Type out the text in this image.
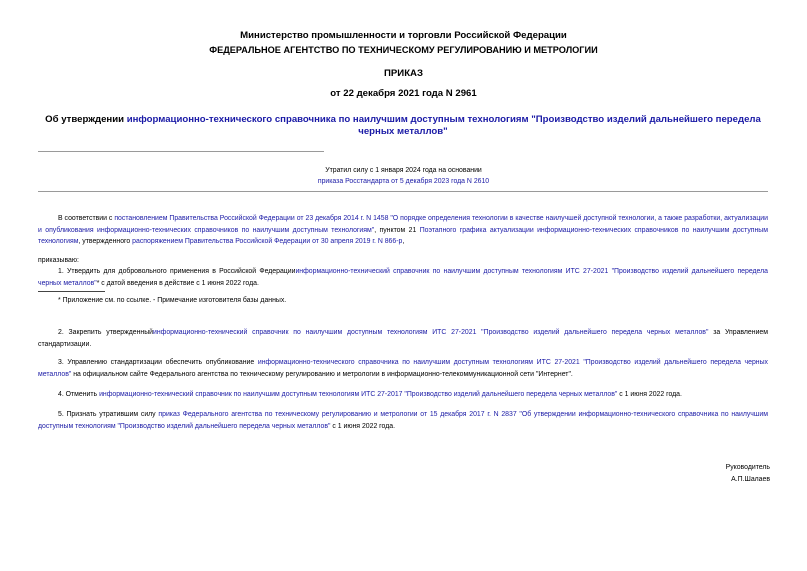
Министерство промышленности и торговли Российской Федерации
ФЕДЕРАЛЬНОЕ АГЕНТСТВО ПО ТЕХНИЧЕСКОМУ РЕГУЛИРОВАНИЮ И МЕТРОЛОГИИ
ПРИКАЗ
от 22 декабря 2021 года N 2961
Об утверждении информационно-технического справочника по наилучшим доступным технологиям "Производство изделий дальнейшего передела черных металлов"
Утратил силу с 1 января 2024 года на основании
приказа Росстандарта от 5 декабря 2023 года N 2610
В соответствии с постановлением Правительства Российской Федерации от 23 декабря 2014 г. N 1458 "О порядке определения технологии в качестве наилучшей доступной технологии, а также разработки, актуализации и опубликования информационно-технических справочников по наилучшим доступным технологиям", пунктом 21 Поэтапного графика актуализации информационно-технических справочников по наилучшим доступным технологиям, утвержденного распоряжением Правительства Российской Федерации от 30 апреля 2019 г. N 866-р,
приказываю:
1. Утвердить для добровольного применения в Российской Федерацииинформационно-технический справочник по наилучшим доступным технологиям ИТС 27-2021 "Производство изделий дальнейшего передела черных металлов"* с датой введения в действие с 1 июня 2022 года.
* Приложение см. по ссылке. - Примечание изготовителя базы данных.
2. Закрепить утвержденныйинформационно-технический справочник по наилучшим доступным технологиям ИТС 27-2021 "Производство изделий дальнейшего передела черных металлов" за Управлением стандартизации.
3. Управлению стандартизации обеспечить опубликование информационно-технического справочника по наилучшим доступным технологиям ИТС 27-2021 "Производство изделий дальнейшего передела черных металлов" на официальном сайте Федерального агентства по техническому регулированию и метрологии в информационно-телекоммуникационной сети "Интернет".
4. Отменить информационно-технический справочник по наилучшим доступным технологиям ИТС 27-2017 "Производство изделий дальнейшего передела черных металлов" с 1 июня 2022 года.
5. Признать утратившим силу приказ Федерального агентства по техническому регулированию и метрологии от 15 декабря 2017 г. N 2837 "Об утверждении информационно-технического справочника по наилучшим доступным технологиям "Производство изделий дальнейшего передела черных металлов" с 1 июня 2022 года.
Руководитель
А.П.Шалаев
